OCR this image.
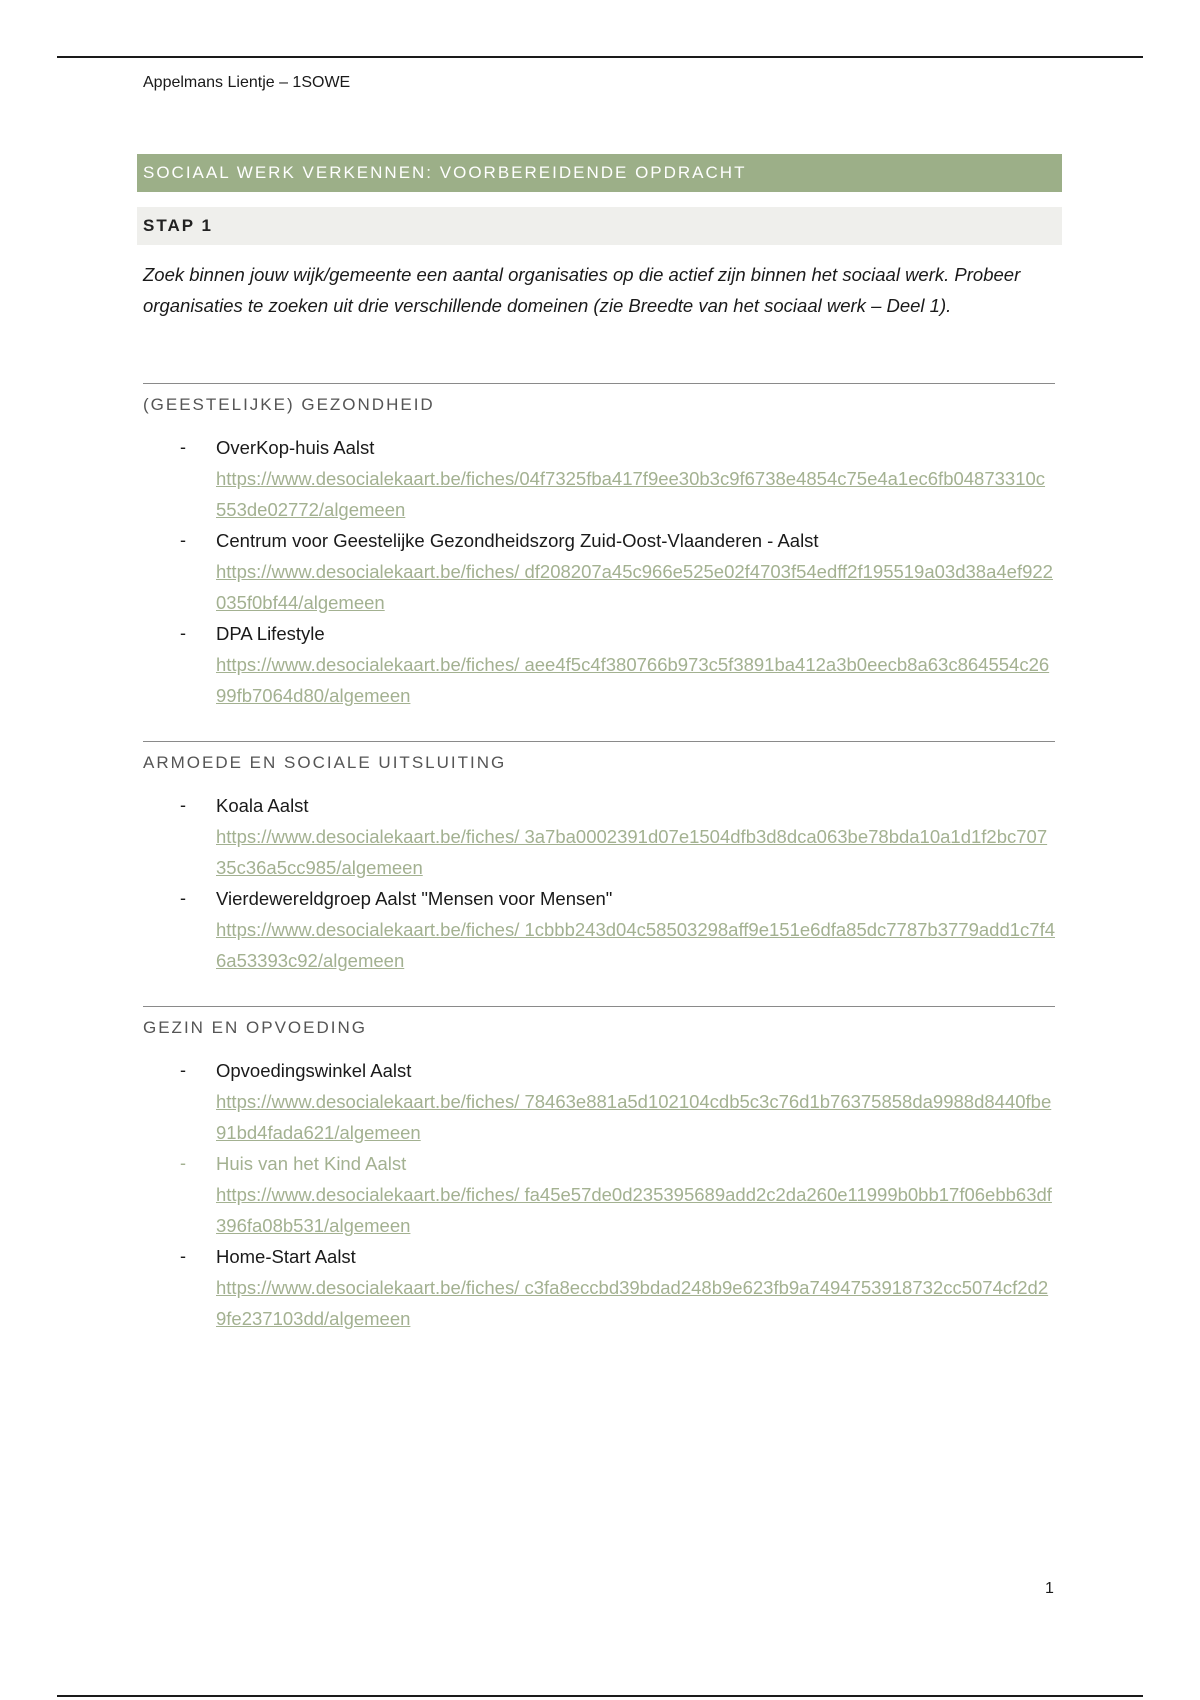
Appelmans Lientje – 1SOWE
SOCIAAL WERK VERKENNEN: VOORBEREIDENDE OPDRACHT
STAP 1
Zoek binnen jouw wijk/gemeente een aantal organisaties op die actief zijn binnen het sociaal werk. Probeer organisaties te zoeken uit drie verschillende domeinen (zie Breedte van het sociaal werk – Deel 1).
(GEESTELIJKE) GEZONDHEID
- OverKop-huis Aalst
https://www.desocialekaart.be/fiches/04f7325fba417f9ee30b3c9f6738e4854c75e4a1ec6fb04873310c553de02772/algemeen
- Centrum voor Geestelijke Gezondheidszorg Zuid-Oost-Vlaanderen - Aalst
https://www.desocialekaart.be/fiches/ df208207a45c966e525e02f4703f54edff2f195519a03d38a4ef922035f0bf44/algemeen
- DPA Lifestyle
https://www.desocialekaart.be/fiches/ aee4f5c4f380766b973c5f3891ba412a3b0eecb8a63c864554c2699fb7064d80/algemeen
ARMOEDE EN SOCIALE UITSLUITING
- Koala Aalst
https://www.desocialekaart.be/fiches/ 3a7ba0002391d07e1504dfb3d8dca063be78bda10a1d1f2bc70735c36a5cc985/algemeen
- Vierdewereldgroep Aalst "Mensen voor Mensen"
https://www.desocialekaart.be/fiches/ 1cbbb243d04c58503298aff9e151e6dfa85dc7787b3779add1c7f46a53393c92/algemeen
GEZIN EN OPVOEDING
- Opvoedingswinkel Aalst
https://www.desocialekaart.be/fiches/ 78463e881a5d102104cdb5c3c76d1b76375858da9988d8440fbe91bd4fada621/algemeen
- Huis van het Kind Aalst
https://www.desocialekaart.be/fiches/ fa45e57de0d235395689add2c2da260e11999b0bb17f06ebb63df396fa08b531/algemeen
- Home-Start Aalst
https://www.desocialekaart.be/fiches/ c3fa8eccbd39bdad248b9e623fb9a7494753918732cc5074cf2d29fe237103dd/algemeen
1
